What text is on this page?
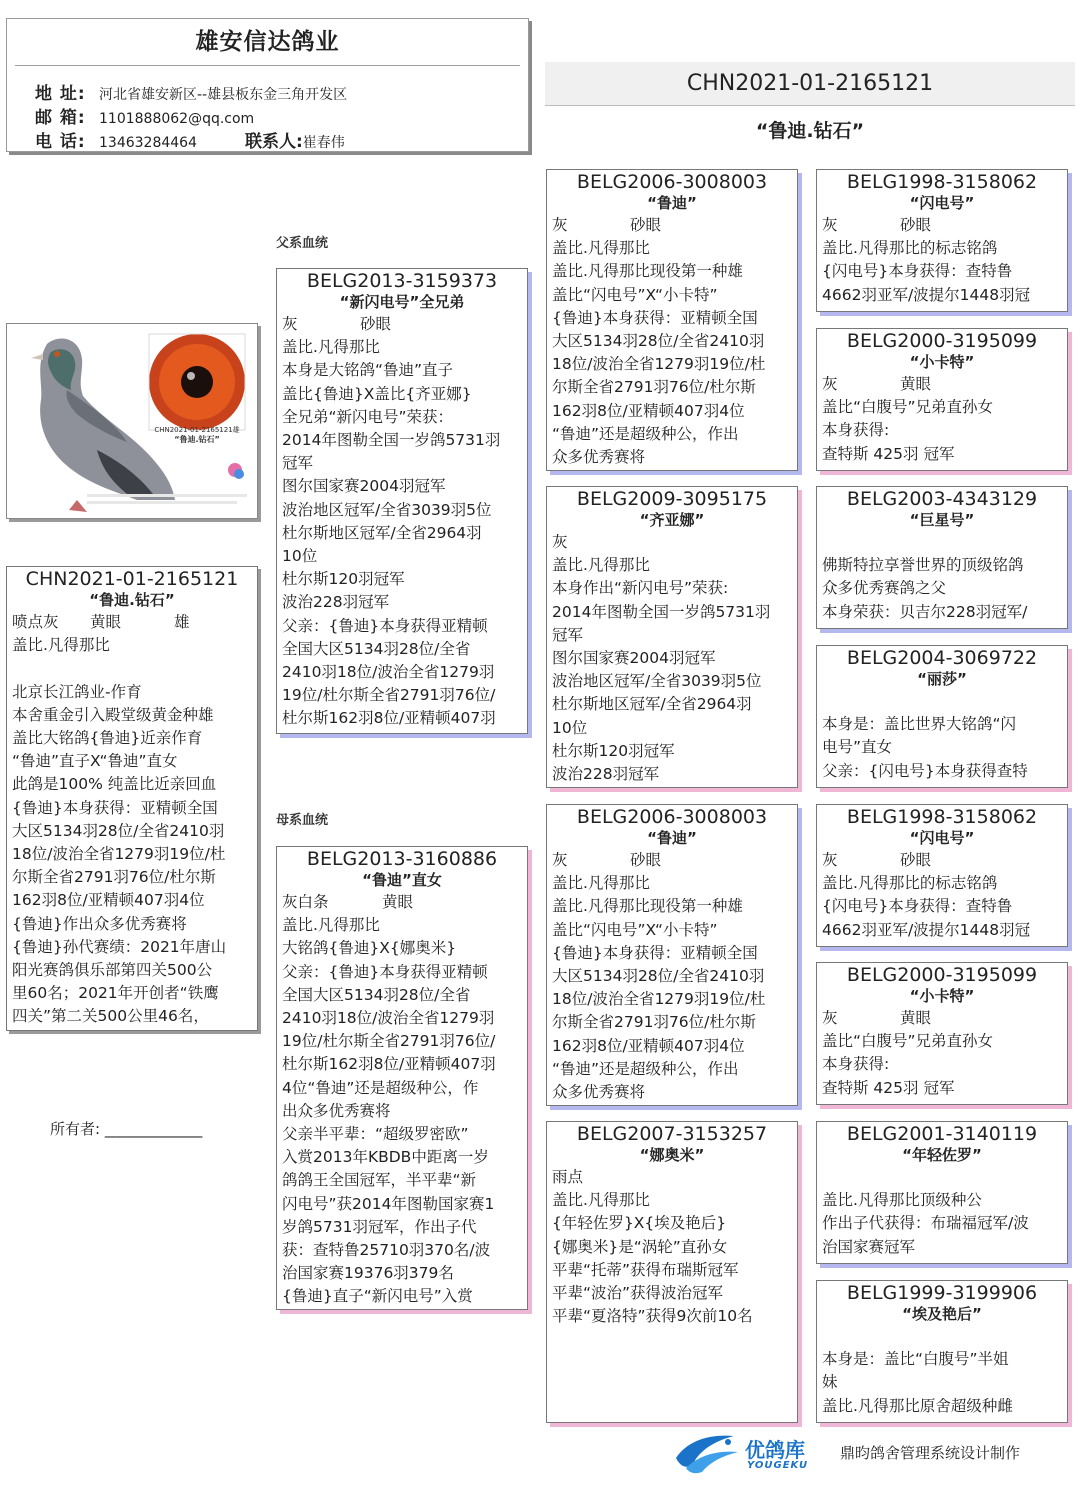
雄安信达鸽业
地 址: 河北省雄安新区--雄县板东金三角开发区
邮 箱: 1101888062@qq.com
电 话: 13463284464	联系人:崔春伟
CHN2021-01-2165121
“鲁迪.钻石”
父系血统
母系血统
CHN2021-01-2165121雄
“鲁迪.钻石”
CHN2021-01-2165121
“鲁迪.钻石”
喷点灰 黄眼	雄
盖比.凡得那比
北京长江鸽业-作育
本舍重金引入殿堂级黄金种雄
盖比大铭鸽{鲁迪}近亲作育
“鲁迪”直子X“鲁迪”直女
此鸽是100% 纯盖比近亲回血
{鲁迪}本身获得：亚精顿全国
大区5134羽28位/全省2410羽
18位/波治全省1279羽19位/杜
尔斯全省2791羽76位/杜尔斯
162羽8位/亚精顿407羽4位
{鲁迪}作出众多优秀赛将
{鲁迪}孙代赛绩：2021年唐山
阳光赛鸽俱乐部第四关500公
里60名；2021年开创者“铁鹰
四关”第二关500公里46名，
BELG2013-3159373
“新闪电号”全兄弟
灰	砂眼
盖比.凡得那比
本身是大铭鸽“鲁迪”直子
盖比{鲁迪}X盖比{齐亚娜}
全兄弟“新闪电号”荣获：
2014年图勒全国一岁鸽5731羽
冠军
图尔国家赛2004羽冠军
波治地区冠军/全省3039羽5位
杜尔斯地区冠军/全省2964羽
10位
杜尔斯120羽冠军
波治228羽冠军
父亲：{鲁迪}本身获得亚精顿
全国大区5134羽28位/全省
2410羽18位/波治全省1279羽
19位/杜尔斯全省2791羽76位/
杜尔斯162羽8位/亚精顿407羽
BELG2013-3160886
“鲁迪”直女
灰白条	黄眼
盖比.凡得那比
大铭鸽{鲁迪}X{娜奥米}
父亲：{鲁迪}本身获得亚精顿
全国大区5134羽28位/全省
2410羽18位/波治全省1279羽
19位/杜尔斯全省2791羽76位/
杜尔斯162羽8位/亚精顿407羽
4位“鲁迪”还是超级种公，作
出众多优秀赛将
父亲半平辈：“超级罗密欧”
入赏2013年KBDB中距离一岁
鸽鸽王全国冠军，半平辈“新
闪电号”获2014年图勒国家赛1
岁鸽5731羽冠军，作出子代
获：查特鲁25710羽370名/波
治国家赛19376羽379名
{鲁迪}直子“新闪电号”入赏
BELG2006-3008003
“鲁迪”
灰	砂眼
盖比.凡得那比
盖比.凡得那比现役第一种雄
盖比“闪电号”X“小卡特”
{鲁迪}本身获得：亚精顿全国
大区5134羽28位/全省2410羽
18位/波治全省1279羽19位/杜
尔斯全省2791羽76位/杜尔斯
162羽8位/亚精顿407羽4位
“鲁迪”还是超级种公，作出
众多优秀赛将
BELG2009-3095175
“齐亚娜”
灰
盖比.凡得那比
本身作出“新闪电号”荣获:
2014年图勒全国一岁鸽5731羽
冠军
图尔国家赛2004羽冠军
波治地区冠军/全省3039羽5位
杜尔斯地区冠军/全省2964羽
10位
杜尔斯120羽冠军
波治228羽冠军
BELG2006-3008003
“鲁迪”
灰	砂眼
盖比.凡得那比
盖比.凡得那比现役第一种雄
盖比“闪电号”X“小卡特”
{鲁迪}本身获得：亚精顿全国
大区5134羽28位/全省2410羽
18位/波治全省1279羽19位/杜
尔斯全省2791羽76位/杜尔斯
162羽8位/亚精顿407羽4位
“鲁迪”还是超级种公，作出
众多优秀赛将
BELG2007-3153257
“娜奥米”
雨点
盖比.凡得那比
{年轻佐罗}X{埃及艳后}
{娜奥米}是“涡轮”直孙女
平辈“托蒂”获得布瑞斯冠军
平辈“波治”获得波治冠军
平辈“夏洛特”获得9次前10名
BELG1998-3158062
“闪电号”
灰	砂眼
盖比.凡得那比的标志铭鸽
{闪电号}本身获得：查特鲁
4662羽亚军/波提尔1448羽冠
BELG2000-3195099
“小卡特”
灰	黄眼
盖比“白腹号”兄弟直孙女
本身获得:
查特斯 425羽 冠军
BELG2003-4343129
“巨星号”
佛斯特拉享誉世界的顶级铭鸽
众多优秀赛鸽之父
本身荣获：贝吉尔228羽冠军/
BELG2004-3069722
“丽莎”
本身是：盖比世界大铭鸽“闪
电号”直女
父亲：{闪电号}本身获得查特
BELG1998-3158062
“闪电号”
灰	砂眼
盖比.凡得那比的标志铭鸽
{闪电号}本身获得：查特鲁
4662羽亚军/波提尔1448羽冠
BELG2000-3195099
“小卡特”
灰	黄眼
盖比“白腹号”兄弟直孙女
本身获得:
查特斯 425羽 冠军
BELG2001-3140119
“年轻佐罗”
盖比.凡得那比顶级种公
作出子代获得：布瑞福冠军/波
治国家赛冠军
BELG1999-3199906
“埃及艳后”
本身是：盖比“白腹号”半姐
妹
盖比.凡得那比原舍超级种雌
所有者: _____________
优鸽库
YOUGEKU
鼎昀鸽舍管理系统设计制作
